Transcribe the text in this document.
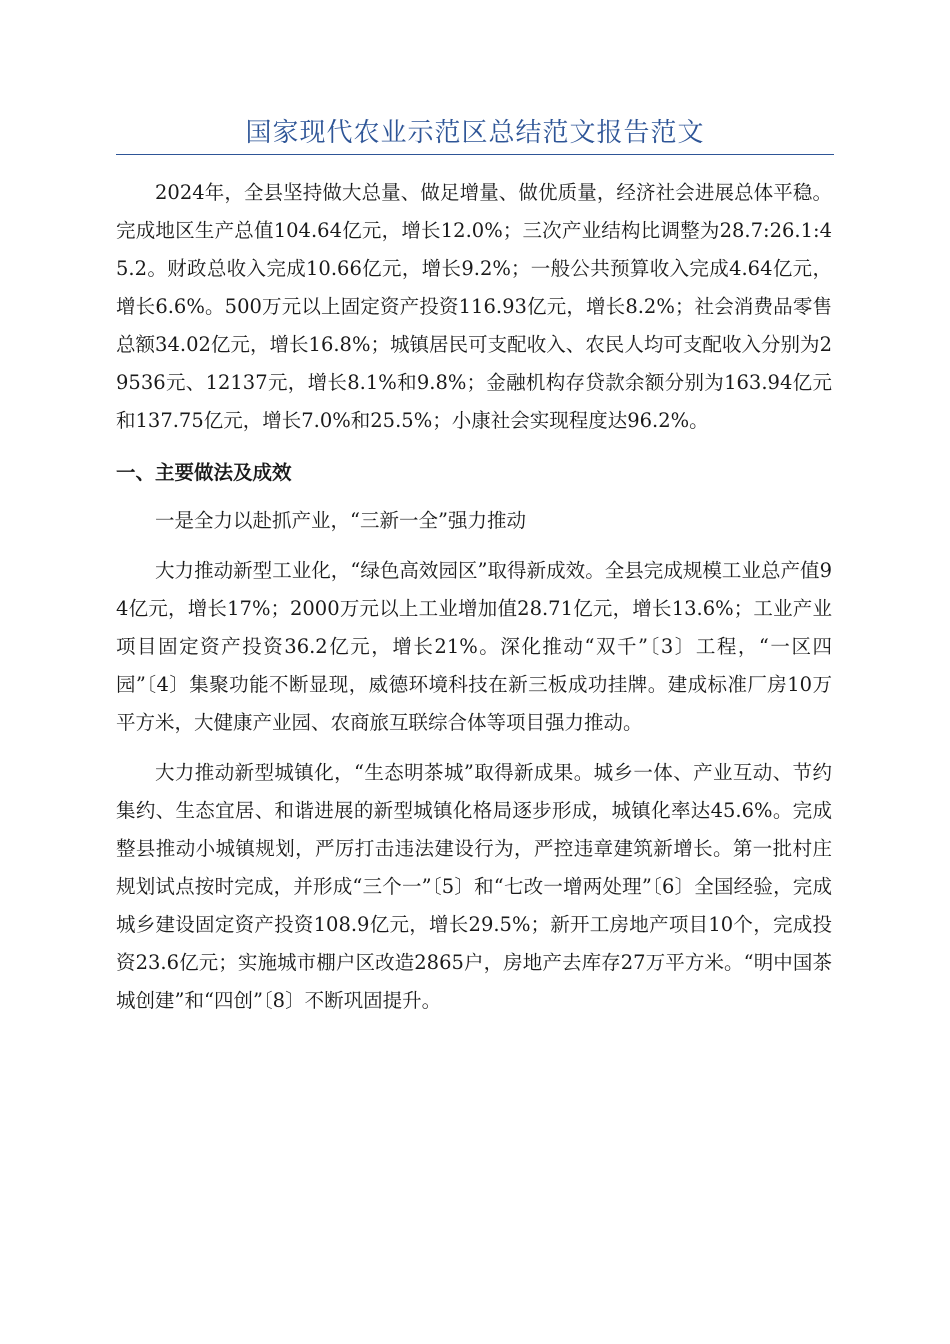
国家现代农业示范区总结范文报告范文

2024年，全县坚持做大总量、做足增量、做优质量，经济社会进展总体平稳。完成地区生产总值104.64亿元，增长12.0%；三次产业结构比调整为28.7:26.1:45.2。财政总收入完成10.66亿元，增长9.2%；一般公共预算收入完成4.64亿元，增长6.6%。500万元以上固定资产投资116.93亿元，增长8.2%；社会消费品零售总额34.02亿元，增长16.8%；城镇居民可支配收入、农民人均可支配收入分别为29536元、12137元，增长8.1%和9.8%；金融机构存贷款余额分别为163.94亿元和137.75亿元，增长7.0%和25.5%；小康社会实现程度达96.2%。

一、主要做法及成效

一是全力以赴抓产业，“三新一全”强力推动

大力推动新型工业化，“绿色高效园区”取得新成效。全县完成规模工业总产值94亿元，增长17%；2000万元以上工业增加值28.71亿元，增长13.6%；工业产业项目固定资产投资36.2亿元，增长21%。深化推动“双千”〔3〕工程，“一区四园”〔4〕集聚功能不断显现，威德环境科技在新三板成功挂牌。建成标准厂房10万平方米，大健康产业园、农商旅互联综合体等项目强力推动。

大力推动新型城镇化，“生态明茶城”取得新成果。城乡一体、产业互动、节约集约、生态宜居、和谐进展的新型城镇化格局逐步形成，城镇化率达45.6%。完成整县推动小城镇规划，严厉打击违法建设行为，严控违章建筑新增长。第一批村庄规划试点按时完成，并形成“三个一”〔5〕和“七改一增两处理”〔6〕全国经验，完成城乡建设固定资产投资108.9亿元，增长29.5%；新开工房地产项目10个，完成投资23.6亿元；实施城市棚户区改造2865户，房地产去库存27万平方米。“明中国茶城创建”和“四创”〔8〕不断巩固提升。
